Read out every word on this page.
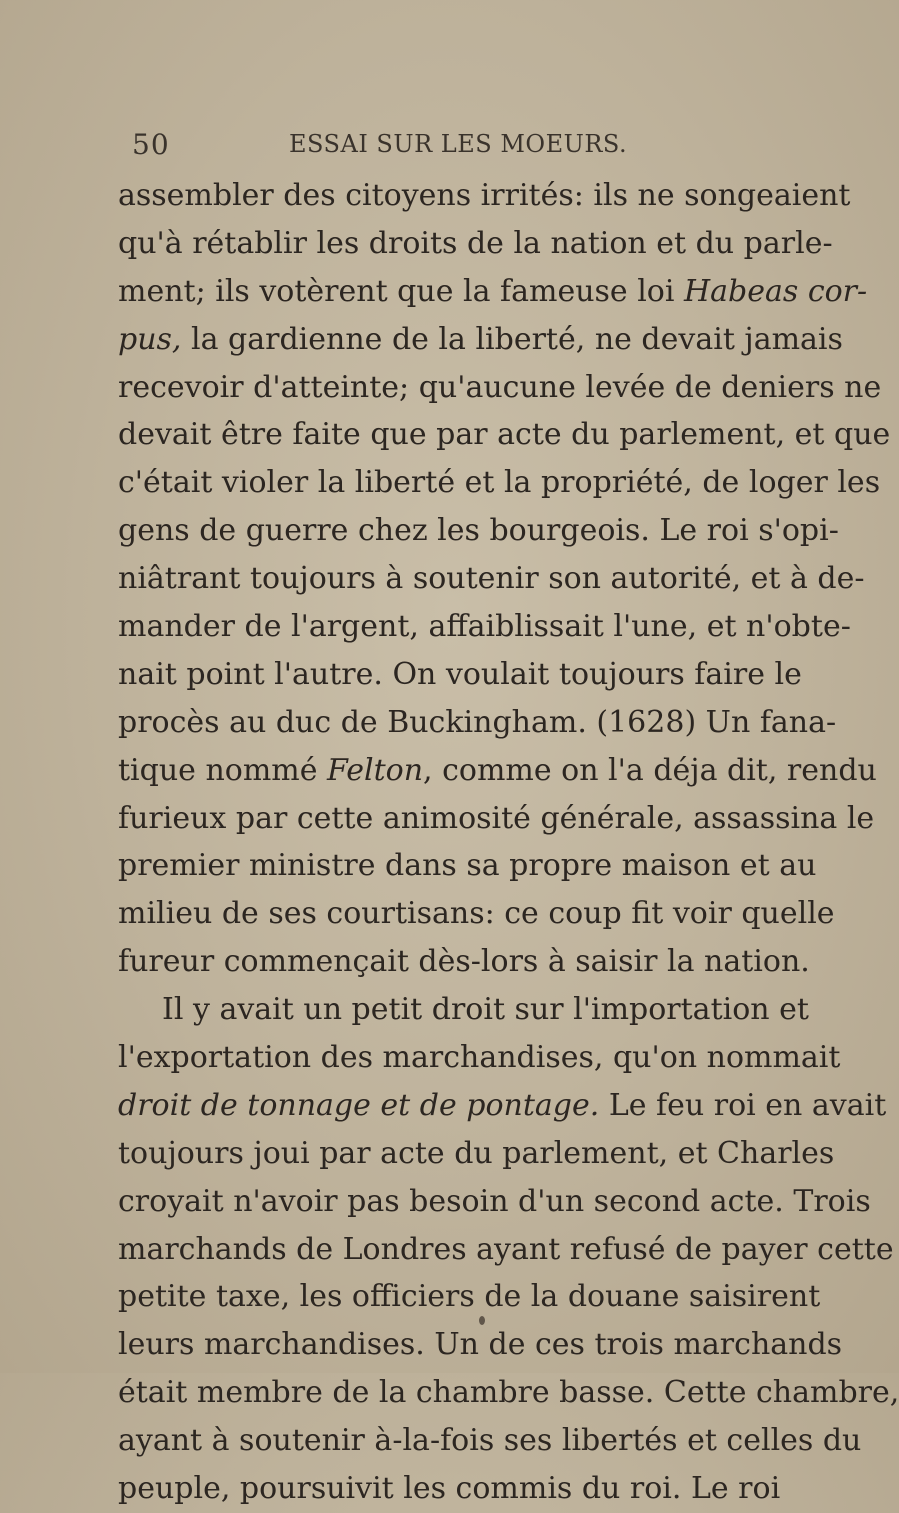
50	ESSAI SUR LES MOEURS.
assembler des citoyens irrités: ils ne songeaient
qu'à rétablir les droits de la nation et du parle-
ment; ils votèrent que la fameuse loi Habeas cor-
pus, la gardienne de la liberté, ne devait jamais
recevoir d'atteinte; qu'aucune levée de deniers ne
devait être faite que par acte du parlement, et que
c'était violer la liberté et la propriété, de loger les
gens de guerre chez les bourgeois. Le roi s'opi-
niâtrant toujours à soutenir son autorité, et à de-
mander de l'argent, affaiblissait l'une, et n'obte-
nait point l'autre. On voulait toujours faire le
procès au duc de Buckingham. (1628) Un fana-
tique nommé Felton, comme on l'a déja dit, rendu
furieux par cette animosité générale, assassina le
premier ministre dans sa propre maison et au
milieu de ses courtisans: ce coup fit voir quelle
fureur commençait dès-lors à saisir la nation.
Il y avait un petit droit sur l'importation et
l'exportation des marchandises, qu'on nommait
droit de tonnage et de pontage. Le feu roi en avait
toujours joui par acte du parlement, et Charles
croyait n'avoir pas besoin d'un second acte. Trois
marchands de Londres ayant refusé de payer cette
petite taxe, les officiers de la douane saisirent
leurs marchandises. Un de ces trois marchands
était membre de la chambre basse. Cette chambre,
ayant à soutenir à-la-fois ses libertés et celles du
peuple, poursuivit les commis du roi. Le roi
